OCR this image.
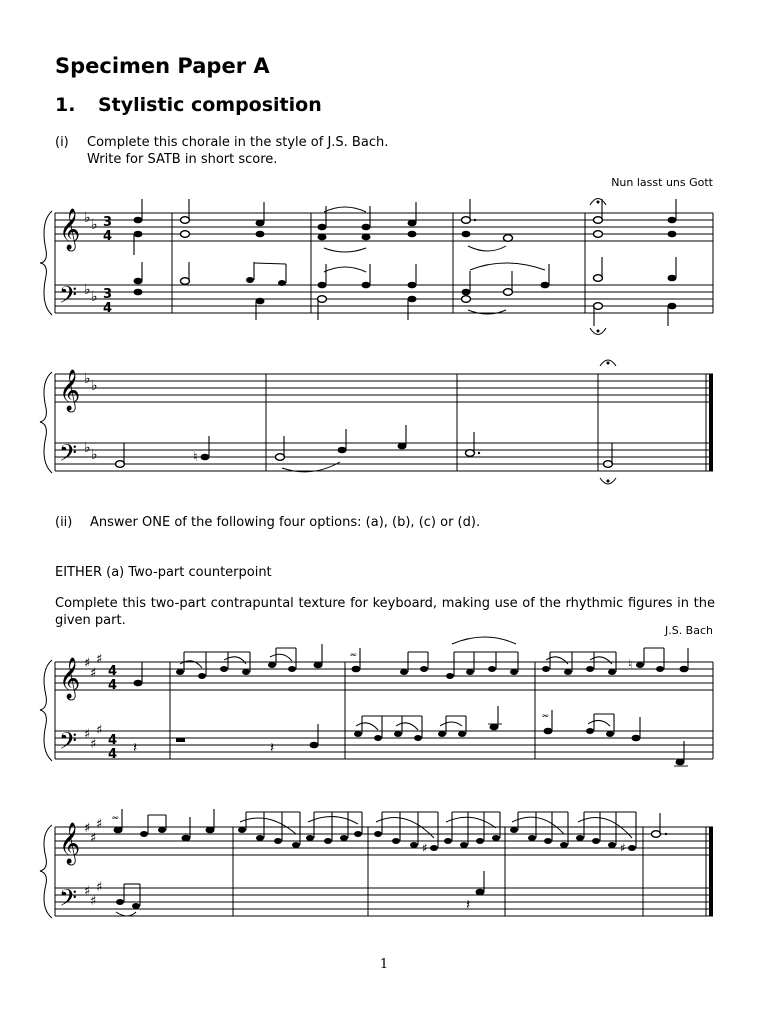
Specimen Paper A
1. Stylistic composition
(i) Complete this chorale in the style of J.S. Bach.
Write for SATB in short score.
Nun lasst uns Gott
(ii) Answer ONE of the following four options: (a), (b), (c) or (d).
EITHER (a) Two-part counterpoint
Complete this two-part contrapuntal texture for keyboard, making use of the rhythmic figures in the given part.
J.S. Bach
𝄞
𝄢
♭ ♭
♭ ♭
3
4
3
4
𝄞
𝄢
♭ ♭
♭ ♭	♮
𝄞
𝄢
♯
♯
♯
♯
♯
♯
4
4
4
4
𝆗
♮
𝄽	𝄽
𝆗
𝄞
𝄢
♯
♯
♯
♯
♯
♯
𝆗
♯	♯
𝄽
1
